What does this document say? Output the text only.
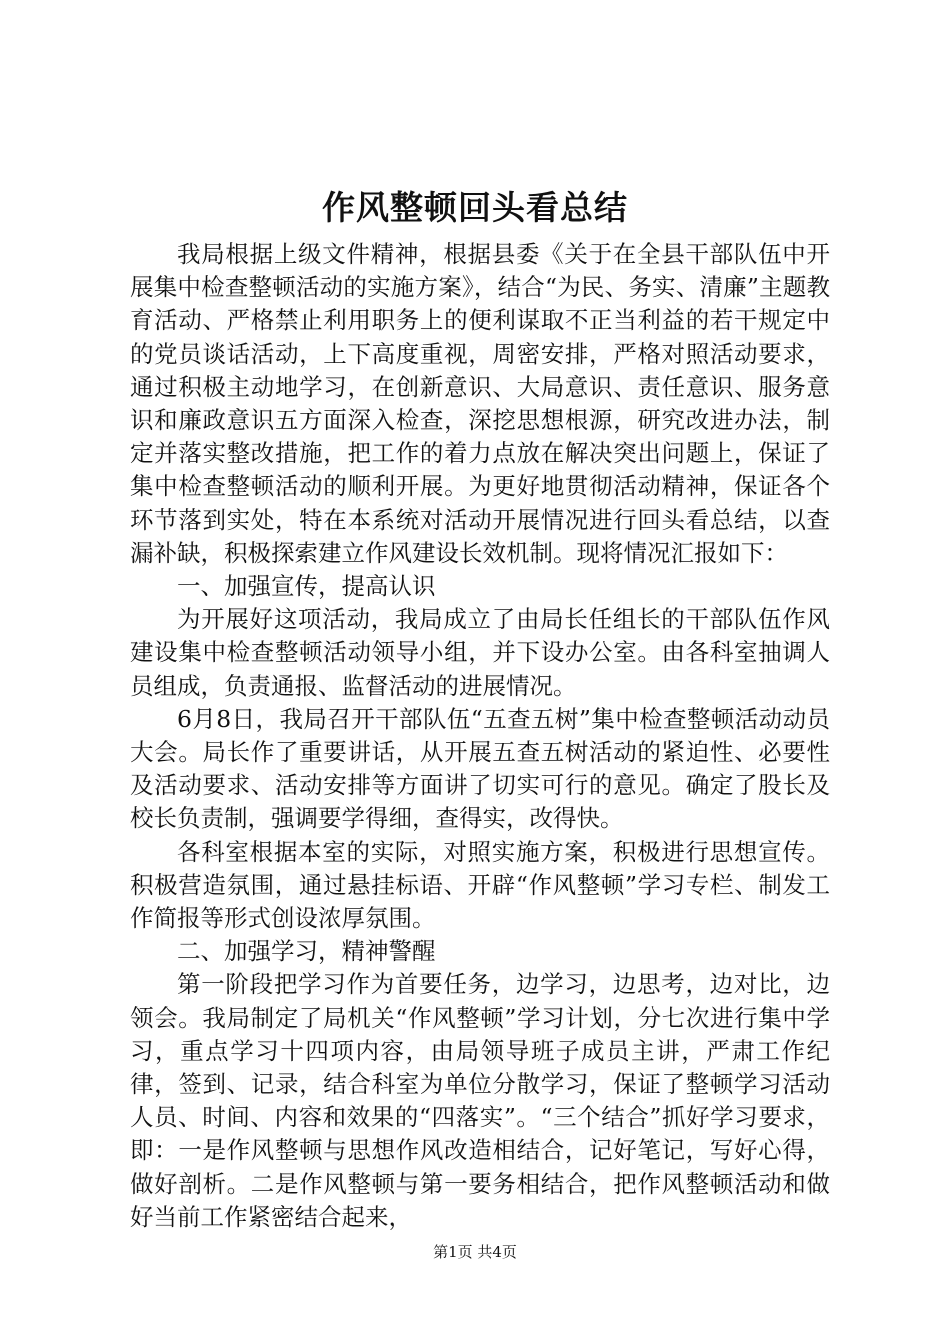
作风整顿回头看总结

我局根据上级文件精神，根据县委《关于在全县干部队伍中开展集中检查整顿活动的实施方案》，结合“为民、务实、清廉”主题教育活动、严格禁止利用职务上的便利谋取不正当利益的若干规定中的党员谈话活动，上下高度重视，周密安排，严格对照活动要求，通过积极主动地学习，在创新意识、大局意识、责任意识、服务意识和廉政意识五方面深入检查，深挖思想根源，研究改进办法，制定并落实整改措施，把工作的着力点放在解决突出问题上，保证了集中检查整顿活动的顺利开展。为更好地贯彻活动精神，保证各个环节落到实处，特在本系统对活动开展情况进行回头看总结，以查漏补缺，积极探索建立作风建设长效机制。现将情况汇报如下：

一、加强宣传，提高认识

为开展好这项活动，我局成立了由局长任组长的干部队伍作风建设集中检查整顿活动领导小组，并下设办公室。由各科室抽调人员组成，负责通报、监督活动的进展情况。

6月8日，我局召开干部队伍“五查五树”集中检查整顿活动动员大会。局长作了重要讲话，从开展五查五树活动的紧迫性、必要性及活动要求、活动安排等方面讲了切实可行的意见。确定了股长及校长负责制，强调要学得细，查得实，改得快。

各科室根据本室的实际，对照实施方案，积极进行思想宣传。积极营造氛围，通过悬挂标语、开辟“作风整顿”学习专栏、制发工作简报等形式创设浓厚氛围。

二、加强学习，精神警醒

第一阶段把学习作为首要任务，边学习，边思考，边对比，边领会。我局制定了局机关“作风整顿”学习计划，分七次进行集中学习，重点学习十四项内容，由局领导班子成员主讲，严肃工作纪律，签到、记录，结合科室为单位分散学习，保证了整顿学习活动人员、时间、内容和效果的“四落实”。“三个结合”抓好学习要求，即：一是作风整顿与思想作风改造相结合，记好笔记，写好心得，做好剖析。二是作风整顿与第一要务相结合，把作风整顿活动和做好当前工作紧密结合起来，

第1页 共4页
